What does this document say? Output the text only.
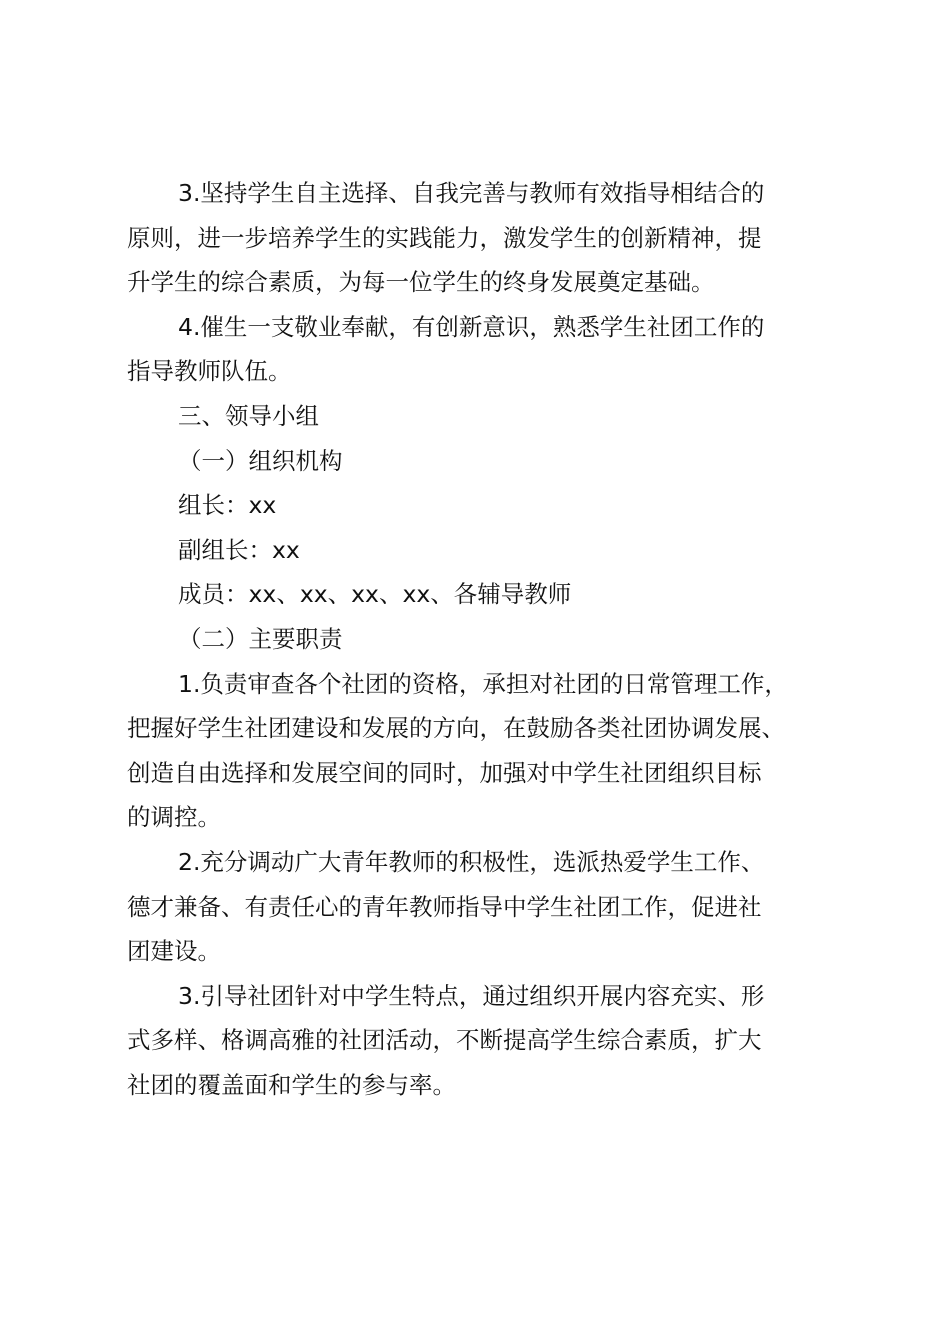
3.坚持学生自主选择、自我完善与教师有效指导相结合的
原则，进一步培养学生的实践能力，激发学生的创新精神，提
升学生的综合素质，为每一位学生的终身发展奠定基础。
4.催生一支敬业奉献，有创新意识，熟悉学生社团工作的
指导教师队伍。
三、领导小组
（一）组织机构
组长：xx
副组长：xx
成员：xx、xx、xx、xx、各辅导教师
（二）主要职责
1.负责审查各个社团的资格，承担对社团的日常管理工作，
把握好学生社团建设和发展的方向，在鼓励各类社团协调发展、
创造自由选择和发展空间的同时，加强对中学生社团组织目标
的调控。
2.充分调动广大青年教师的积极性，选派热爱学生工作、
德才兼备、有责任心的青年教师指导中学生社团工作，促进社
团建设。
3.引导社团针对中学生特点，通过组织开展内容充实、形
式多样、格调高雅的社团活动，不断提高学生综合素质，扩大
社团的覆盖面和学生的参与率。
